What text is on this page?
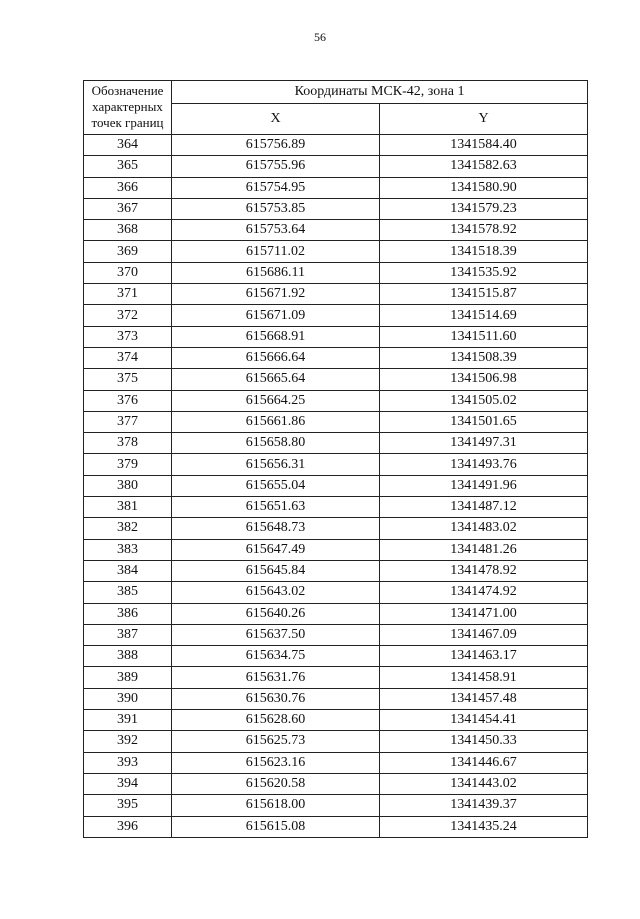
56
Обозначение характерных точек границ	Координаты МСК-42, зона 1	
	X	Y
364	615756.89	1341584.40
365	615755.96	1341582.63
366	615754.95	1341580.90
367	615753.85	1341579.23
368	615753.64	1341578.92
369	615711.02	1341518.39
370	615686.11	1341535.92
371	615671.92	1341515.87
372	615671.09	1341514.69
373	615668.91	1341511.60
374	615666.64	1341508.39
375	615665.64	1341506.98
376	615664.25	1341505.02
377	615661.86	1341501.65
378	615658.80	1341497.31
379	615656.31	1341493.76
380	615655.04	1341491.96
381	615651.63	1341487.12
382	615648.73	1341483.02
383	615647.49	1341481.26
384	615645.84	1341478.92
385	615643.02	1341474.92
386	615640.26	1341471.00
387	615637.50	1341467.09
388	615634.75	1341463.17
389	615631.76	1341458.91
390	615630.76	1341457.48
391	615628.60	1341454.41
392	615625.73	1341450.33
393	615623.16	1341446.67
394	615620.58	1341443.02
395	615618.00	1341439.37
396	615615.08	1341435.24
